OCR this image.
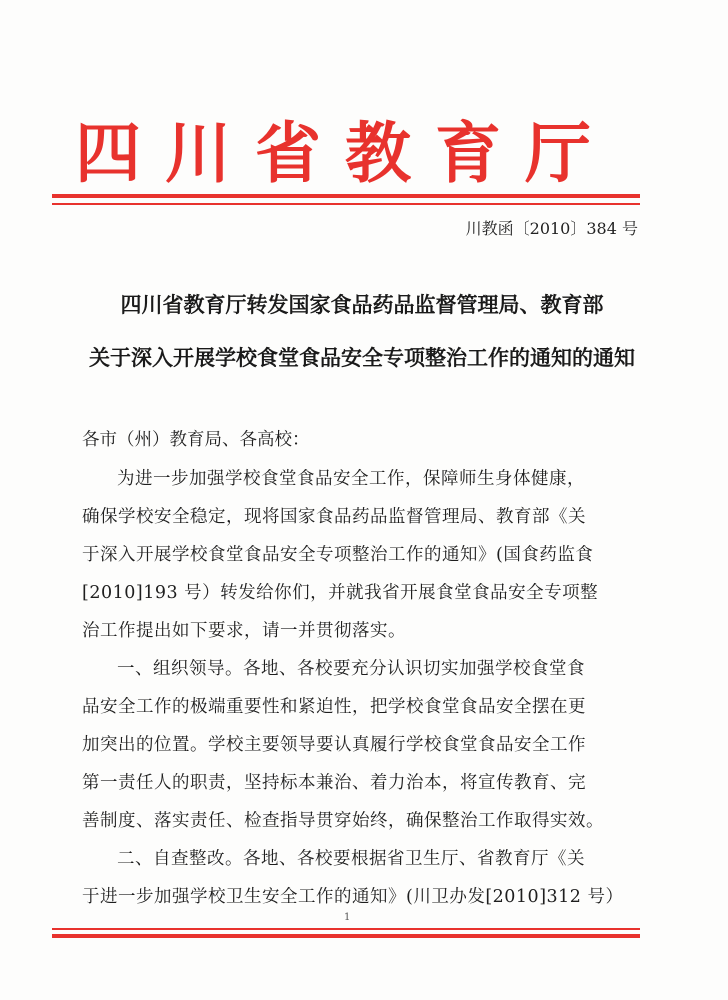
四川省教育厅
川教函〔2010〕384 号
四川省教育厅转发国家食品药品监督管理局、教育部
关于深入开展学校食堂食品安全专项整治工作的通知的通知
各市（州）教育局、各高校：
为进一步加强学校食堂食品安全工作，保障师生身体健康，
确保学校安全稳定，现将国家食品药品监督管理局、教育部《关
于深入开展学校食堂食品安全专项整治工作的通知》(国食药监食
[2010]193 号）转发给你们，并就我省开展食堂食品安全专项整
治工作提出如下要求，请一并贯彻落实。
一、组织领导。各地、各校要充分认识切实加强学校食堂食
品安全工作的极端重要性和紧迫性，把学校食堂食品安全摆在更
加突出的位置。学校主要领导要认真履行学校食堂食品安全工作
第一责任人的职责，坚持标本兼治、着力治本，将宣传教育、完
善制度、落实责任、检查指导贯穿始终，确保整治工作取得实效。
二、自查整改。各地、各校要根据省卫生厅、省教育厅《关
于进一步加强学校卫生安全工作的通知》(川卫办发[2010]312 号）
1
